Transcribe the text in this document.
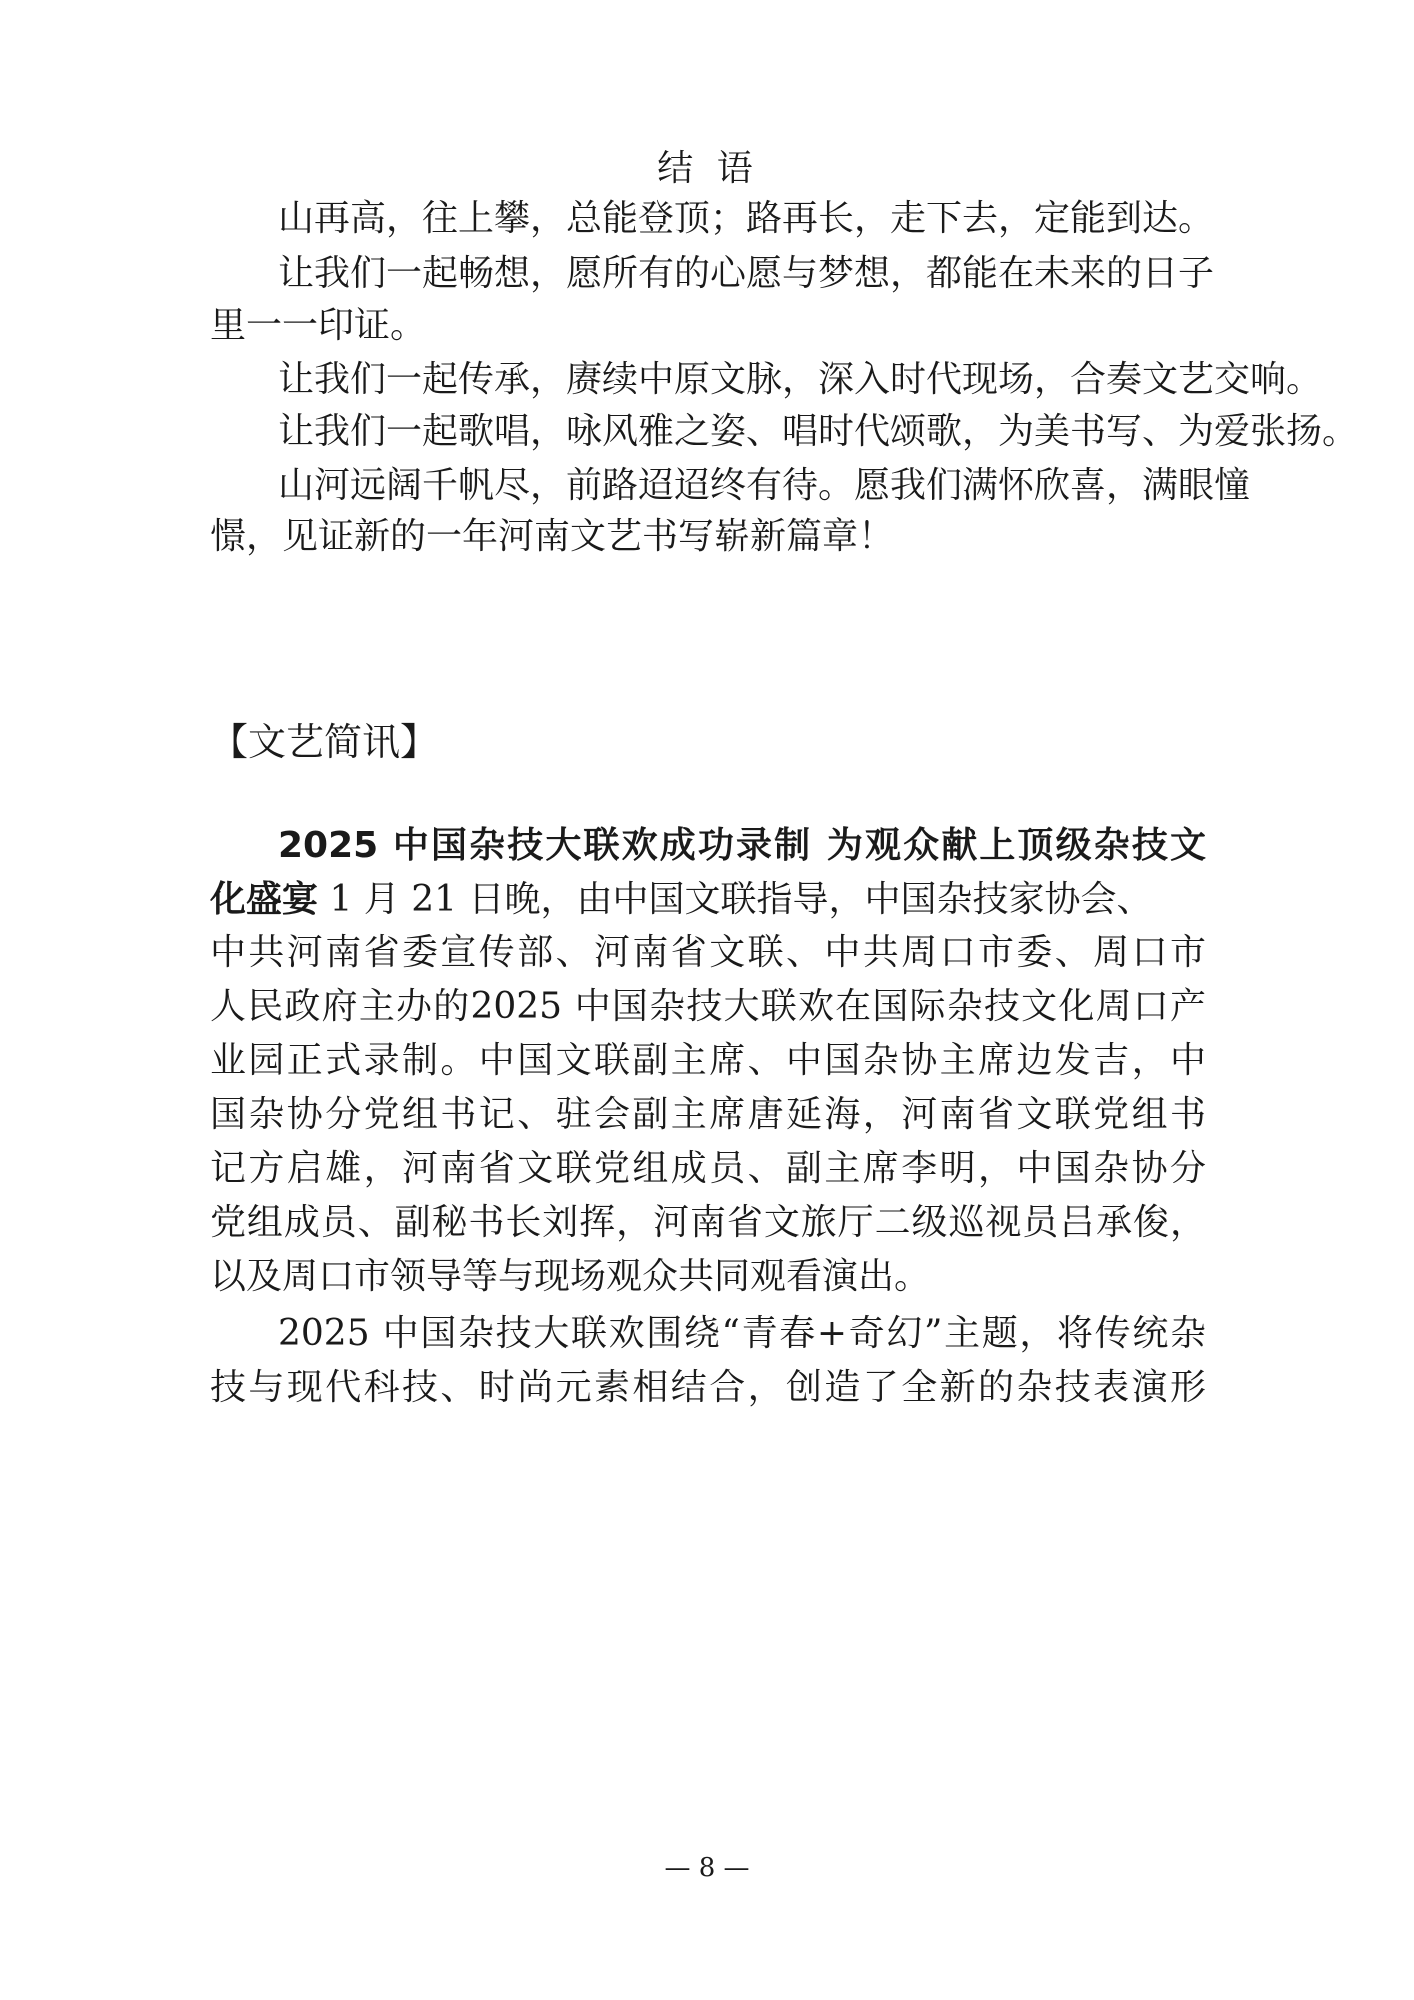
结 语
山再高，往上攀，总能登顶；路再长，走下去，定能到达。
让我们一起畅想，愿所有的心愿与梦想，都能在未来的日子
里一一印证。
让我们一起传承，赓续中原文脉，深入时代现场，合奏文艺交响。
让我们一起歌唱，咏风雅之姿、唱时代颂歌，为美书写、为爱张扬。
山河远阔千帆尽，前路迢迢终有待。愿我们满怀欣喜，满眼憧
憬，见证新的一年河南文艺书写崭新篇章！
【文艺简讯】
2025 中国杂技大联欢成功录制 为观众献上顶级杂技文
化盛宴 1 月 21 日晚，由中国文联指导，中国杂技家协会、
中共河南省委宣传部、河南省文联、中共周口市委、周口市
人民政府主办的2025 中国杂技大联欢在国际杂技文化周口产
业园正式录制。中国文联副主席、中国杂协主席边发吉，中
国杂协分党组书记、驻会副主席唐延海，河南省文联党组书
记方启雄，河南省文联党组成员、副主席李明，中国杂协分
党组成员、副秘书长刘挥，河南省文旅厅二级巡视员吕承俊，
以及周口市领导等与现场观众共同观看演出。
2025 中国杂技大联欢围绕“青春+奇幻”主题，将传统杂
技与现代科技、时尚元素相结合，创造了全新的杂技表演形
— 8 —
